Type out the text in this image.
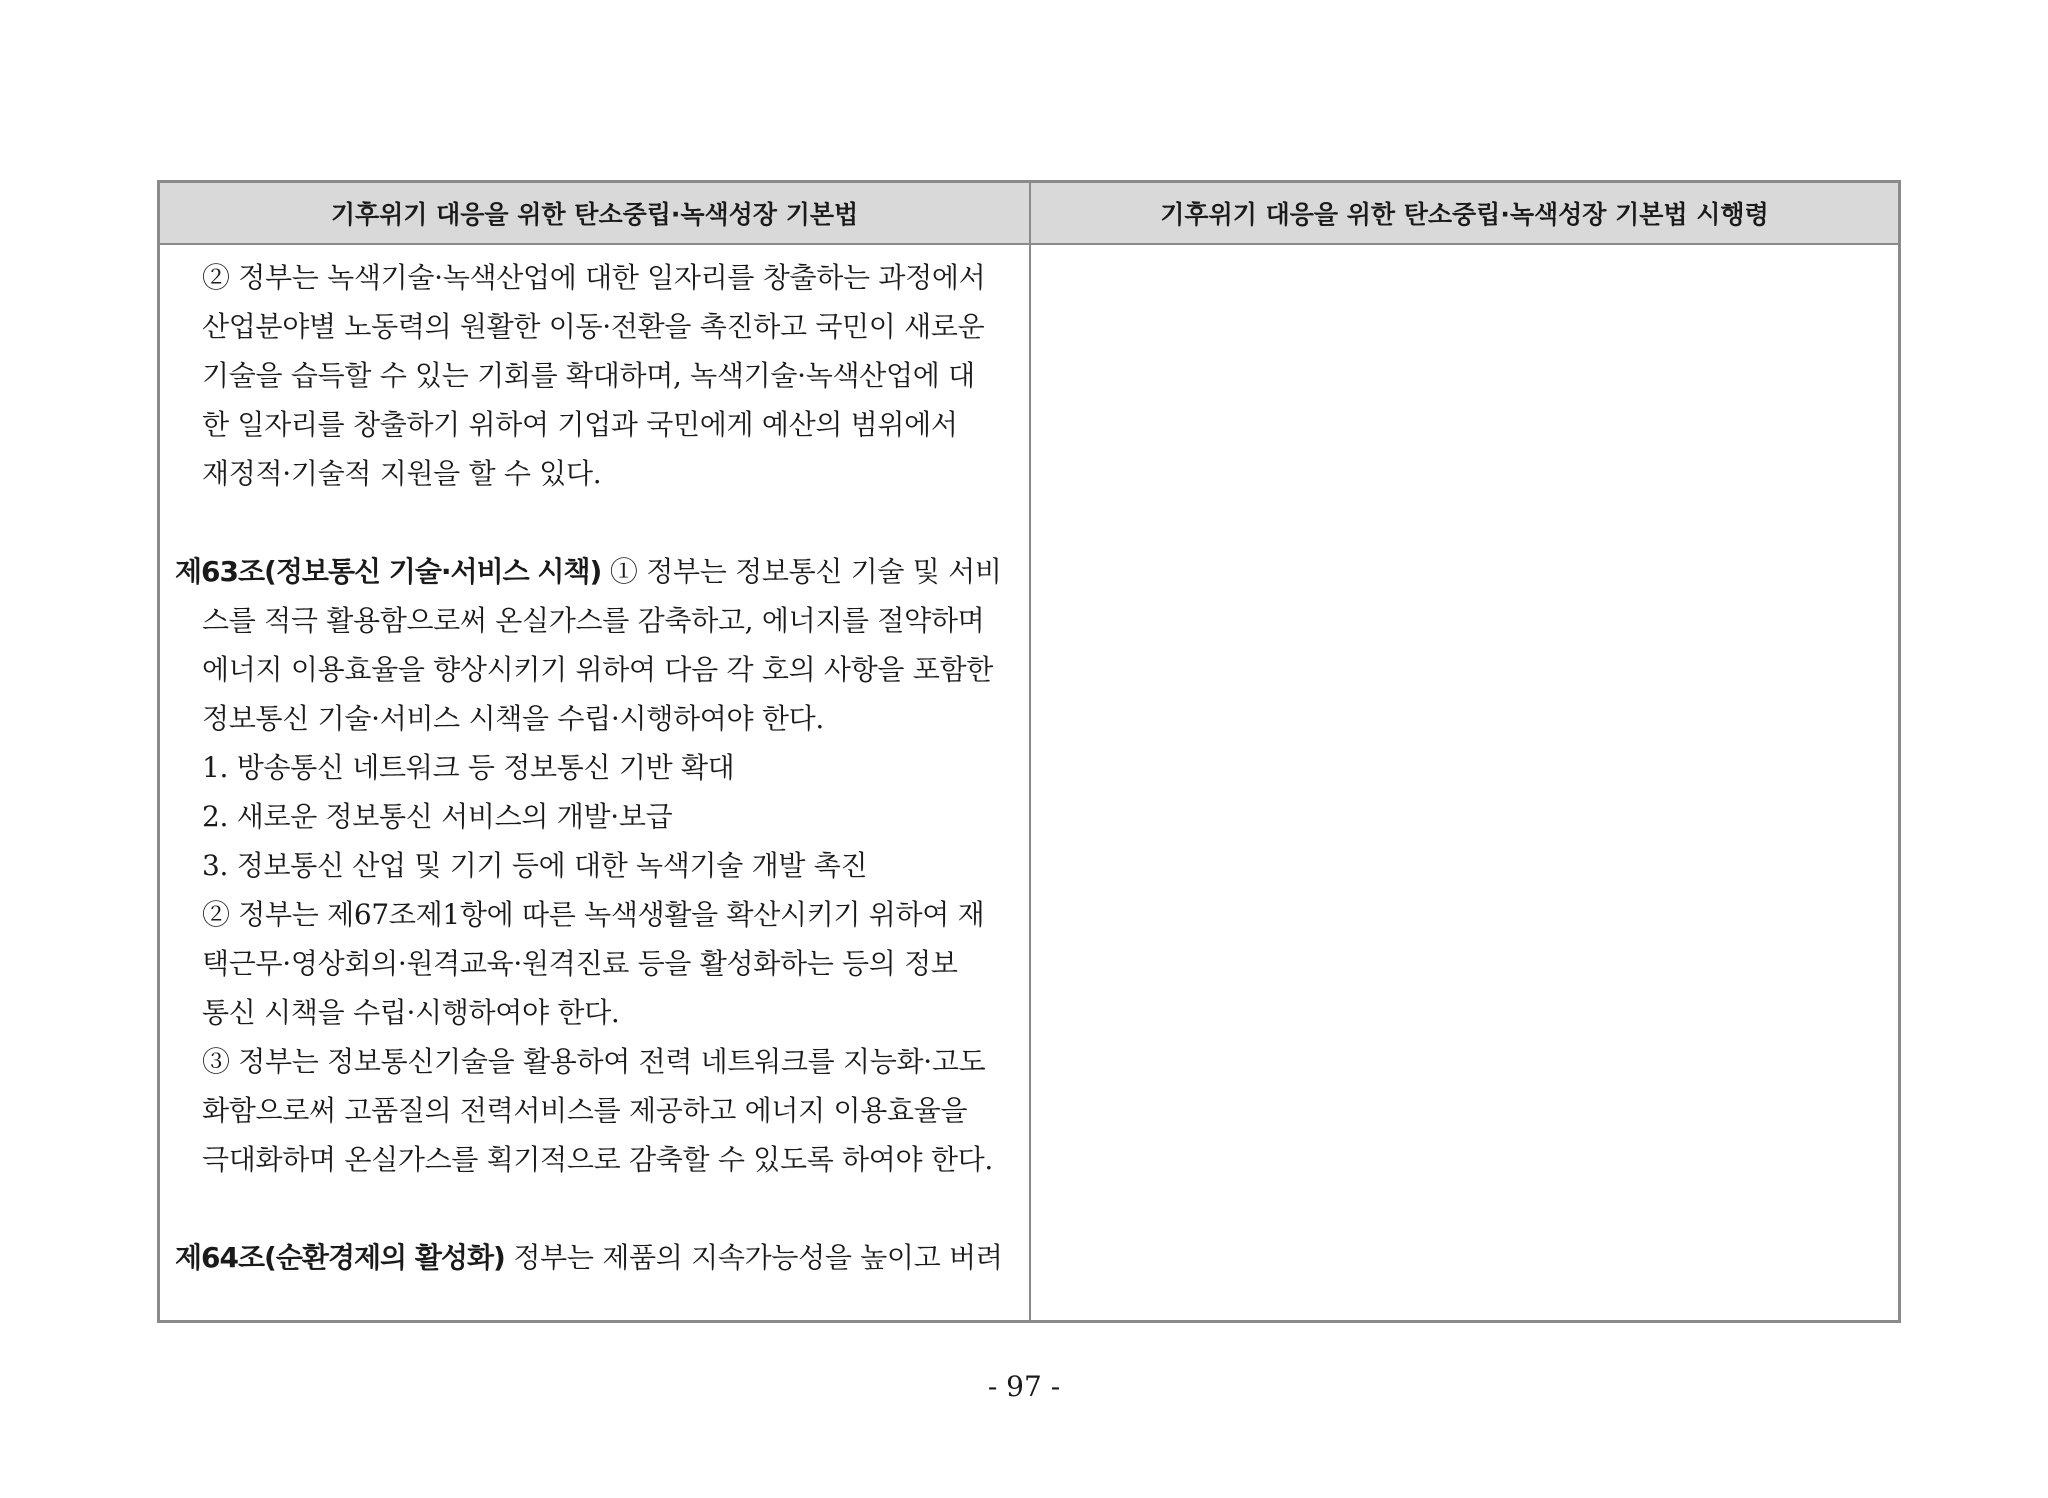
기후위기 대응을 위한 탄소중립·녹색성장 기본법	기후위기 대응을 위한 탄소중립·녹색성장 기본법 시행령
② 정부는 녹색기술·녹색산업에 대한 일자리를 창출하는 과정에서
산업분야별 노동력의 원활한 이동·전환을 촉진하고 국민이 새로운
기술을 습득할 수 있는 기회를 확대하며, 녹색기술·녹색산업에 대
한 일자리를 창출하기 위하여 기업과 국민에게 예산의 범위에서
재정적·기술적 지원을 할 수 있다.
제63조(정보통신 기술·서비스 시책) ① 정부는 정보통신 기술 및 서비
스를 적극 활용함으로써 온실가스를 감축하고, 에너지를 절약하며
에너지 이용효율을 향상시키기 위하여 다음 각 호의 사항을 포함한
정보통신 기술·서비스 시책을 수립·시행하여야 한다.
1. 방송통신 네트워크 등 정보통신 기반 확대
2. 새로운 정보통신 서비스의 개발·보급
3. 정보통신 산업 및 기기 등에 대한 녹색기술 개발 촉진
② 정부는 제67조제1항에 따른 녹색생활을 확산시키기 위하여 재
택근무·영상회의·원격교육·원격진료 등을 활성화하는 등의 정보
통신 시책을 수립·시행하여야 한다.
③ 정부는 정보통신기술을 활용하여 전력 네트워크를 지능화·고도
화함으로써 고품질의 전력서비스를 제공하고 에너지 이용효율을
극대화하며 온실가스를 획기적으로 감축할 수 있도록 하여야 한다.
제64조(순환경제의 활성화) 정부는 제품의 지속가능성을 높이고 버려
- 97 -
